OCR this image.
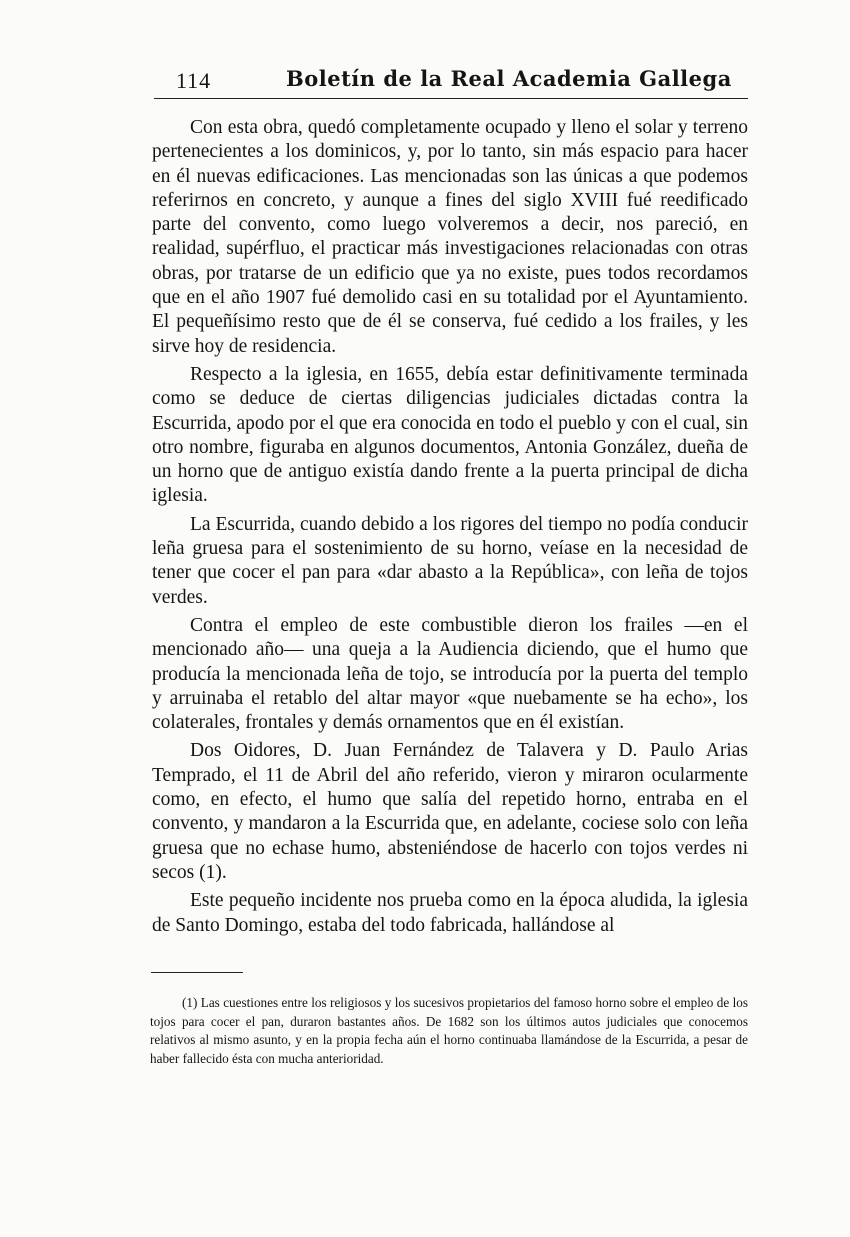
114	Boletín de la Real Academia Gallega

Con esta obra, quedó completamente ocupado y lleno el solar y terreno pertenecientes a los dominicos, y, por lo tanto, sin más espacio para hacer en él nuevas edificaciones. Las mencionadas son las únicas a que podemos referirnos en concreto, y aunque a fines del siglo XVIII fué reedificado parte del convento, como luego volveremos a decir, nos pareció, en realidad, supérfluo, el practicar más investigaciones relacionadas con otras obras, por tratarse de un edificio que ya no existe, pues todos recordamos que en el año 1907 fué demolido casi en su totalidad por el Ayuntamiento. El pequeñísimo resto que de él se conserva, fué cedido a los frailes, y les sirve hoy de residencia.

Respecto a la iglesia, en 1655, debía estar definitivamente terminada como se deduce de ciertas diligencias judiciales dictadas contra la Escurrida, apodo por el que era conocida en todo el pueblo y con el cual, sin otro nombre, figuraba en algunos documentos, Antonia González, dueña de un horno que de antiguo existía dando frente a la puerta principal de dicha iglesia.

La Escurrida, cuando debido a los rigores del tiempo no podía conducir leña gruesa para el sostenimiento de su horno, veíase en la necesidad de tener que cocer el pan para «dar abasto a la República», con leña de tojos verdes.

Contra el empleo de este combustible dieron los frailes —en el mencionado año— una queja a la Audiencia diciendo, que el humo que producía la mencionada leña de tojo, se introducía por la puerta del templo y arruinaba el retablo del altar mayor «que nuebamente se ha echo», los colaterales, frontales y demás ornamentos que en él existían.

Dos Oidores, D. Juan Fernández de Talavera y D. Paulo Arias Temprado, el 11 de Abril del año referido, vieron y miraron ocularmente como, en efecto, el humo que salía del repetido horno, entraba en el convento, y mandaron a la Escurrida que, en adelante, cociese solo con leña gruesa que no echase humo, absteniéndose de hacerlo con tojos verdes ni secos (1).

Este pequeño incidente nos prueba como en la época aludida, la iglesia de Santo Domingo, estaba del todo fabricada, hallándose al

(1) Las cuestiones entre los religiosos y los sucesivos propietarios del famoso horno sobre el empleo de los tojos para cocer el pan, duraron bastantes años. De 1682 son los últimos autos judiciales que conocemos relativos al mismo asunto, y en la propia fecha aún el horno continuaba llamándose de la Escurrida, a pesar de haber fallecido ésta con mucha anterioridad.
